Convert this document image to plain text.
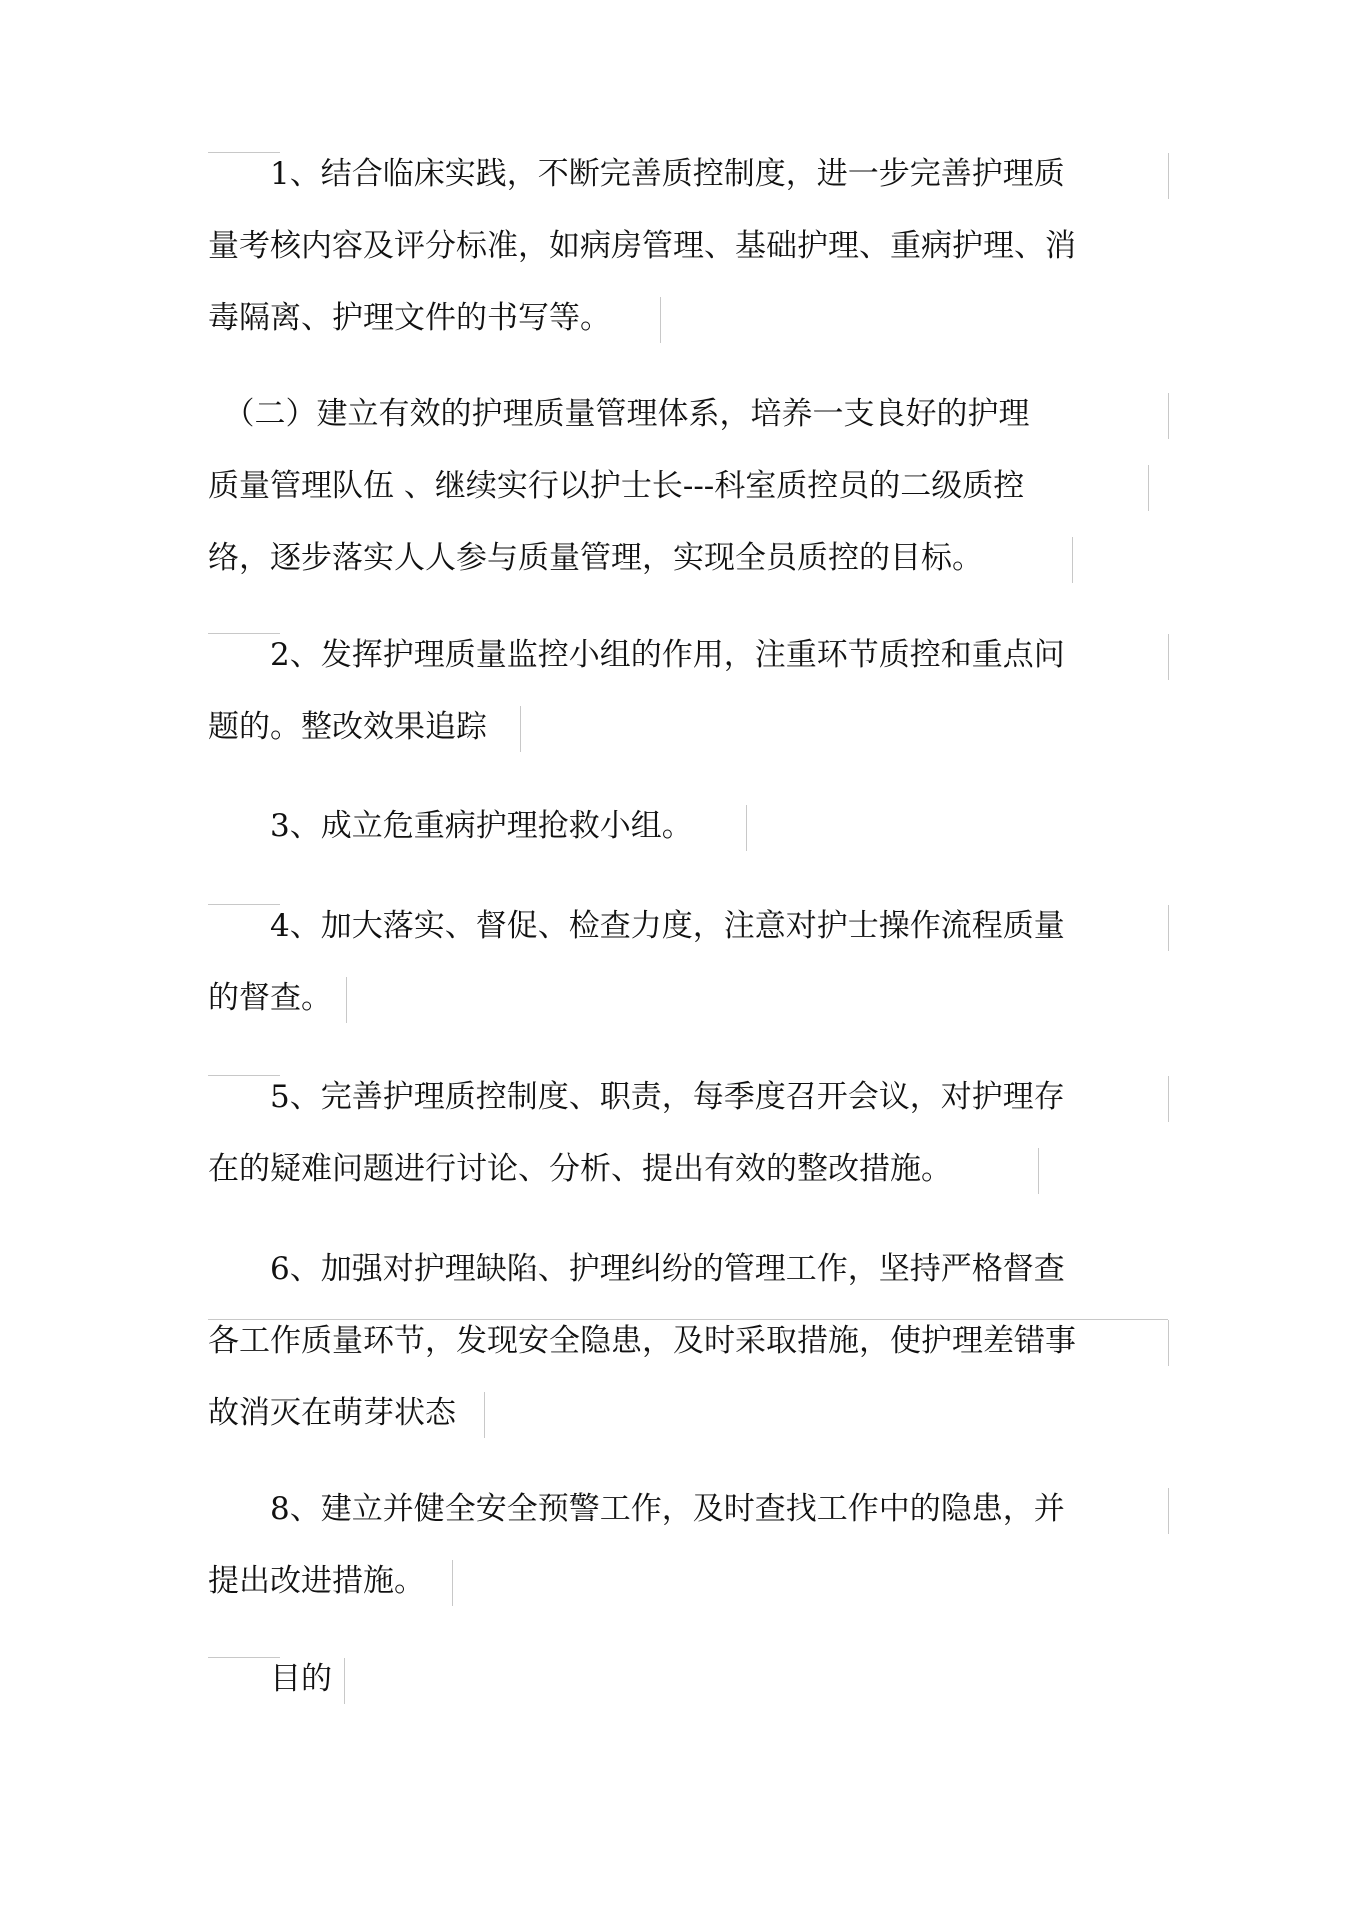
　　1、结合临床实践，不断完善质控制度，进一步完善护理质
量考核内容及评分标准，如病房管理、基础护理、重病护理、消
毒隔离、护理文件的书写等。
　（二）建立有效的护理质量管理体系，培养一支良好的护理
质量管理队伍 、继续实行以护士长---科室质控员的二级质控
络，逐步落实人人参与质量管理，实现全员质控的目标。
　　2、发挥护理质量监控小组的作用，注重环节质控和重点问
题的。整改效果追踪
　　3、成立危重病护理抢救小组。
　　4、加大落实、督促、检查力度，注意对护士操作流程质量
的督查。
　　5、完善护理质控制度、职责，每季度召开会议，对护理存
在的疑难问题进行讨论、分析、提出有效的整改措施。
　　6、加强对护理缺陷、护理纠纷的管理工作，坚持严格督查
各工作质量环节，发现安全隐患，及时采取措施，使护理差错事
故消灭在萌芽状态
　　8、建立并健全安全预警工作，及时查找工作中的隐患，并
提出改进措施。
　　目的
